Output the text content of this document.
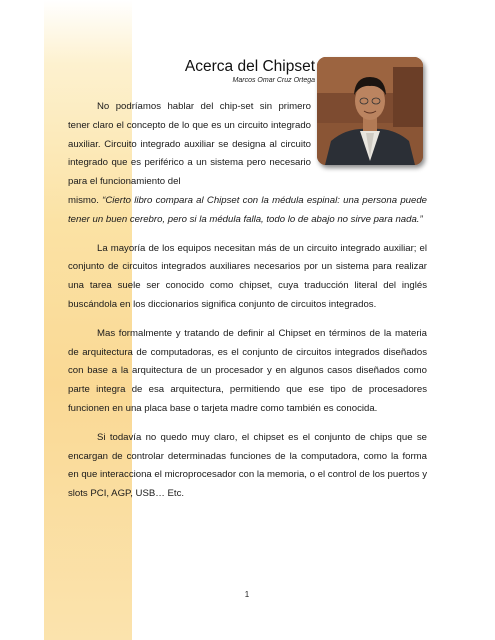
Acerca del Chipset
Marcos Omar Cruz Ortega

No podríamos hablar del chip-set sin primero tener claro el concepto de lo que es un circuito integrado auxiliar. Circuito integrado auxiliar se designa al circuito integrado que es periférico a un sistema pero necesario para el funcionamiento del

mismo. “Cierto libro compara al Chipset con la médula espinal: una persona puede tener un buen cerebro, pero si la médula falla, todo lo de abajo no sirve para nada.”

La mayoría de los equipos necesitan más de un circuito integrado auxiliar; el conjunto de circuitos integrados auxiliares necesarios por un sistema para realizar una tarea suele ser conocido como chipset, cuya traducción literal del inglés buscándola en los diccionarios significa conjunto de circuitos integrados.

Mas formalmente y tratando de definir al Chipset en términos de la materia de arquitectura de computadoras, es el conjunto de circuitos integrados diseñados con base a la arquitectura de un procesador y en algunos casos diseñados como parte integra de esa arquitectura, permitiendo que ese tipo de procesadores funcionen en una placa base o tarjeta madre como también es conocida.

Si todavía no quedo muy claro, el chipset es el conjunto de chips que se encargan de controlar determinadas funciones de la computadora, como la forma en que interacciona el microprocesador con la memoria, o el control de los puertos y slots PCI, AGP, USB… Etc.

1
